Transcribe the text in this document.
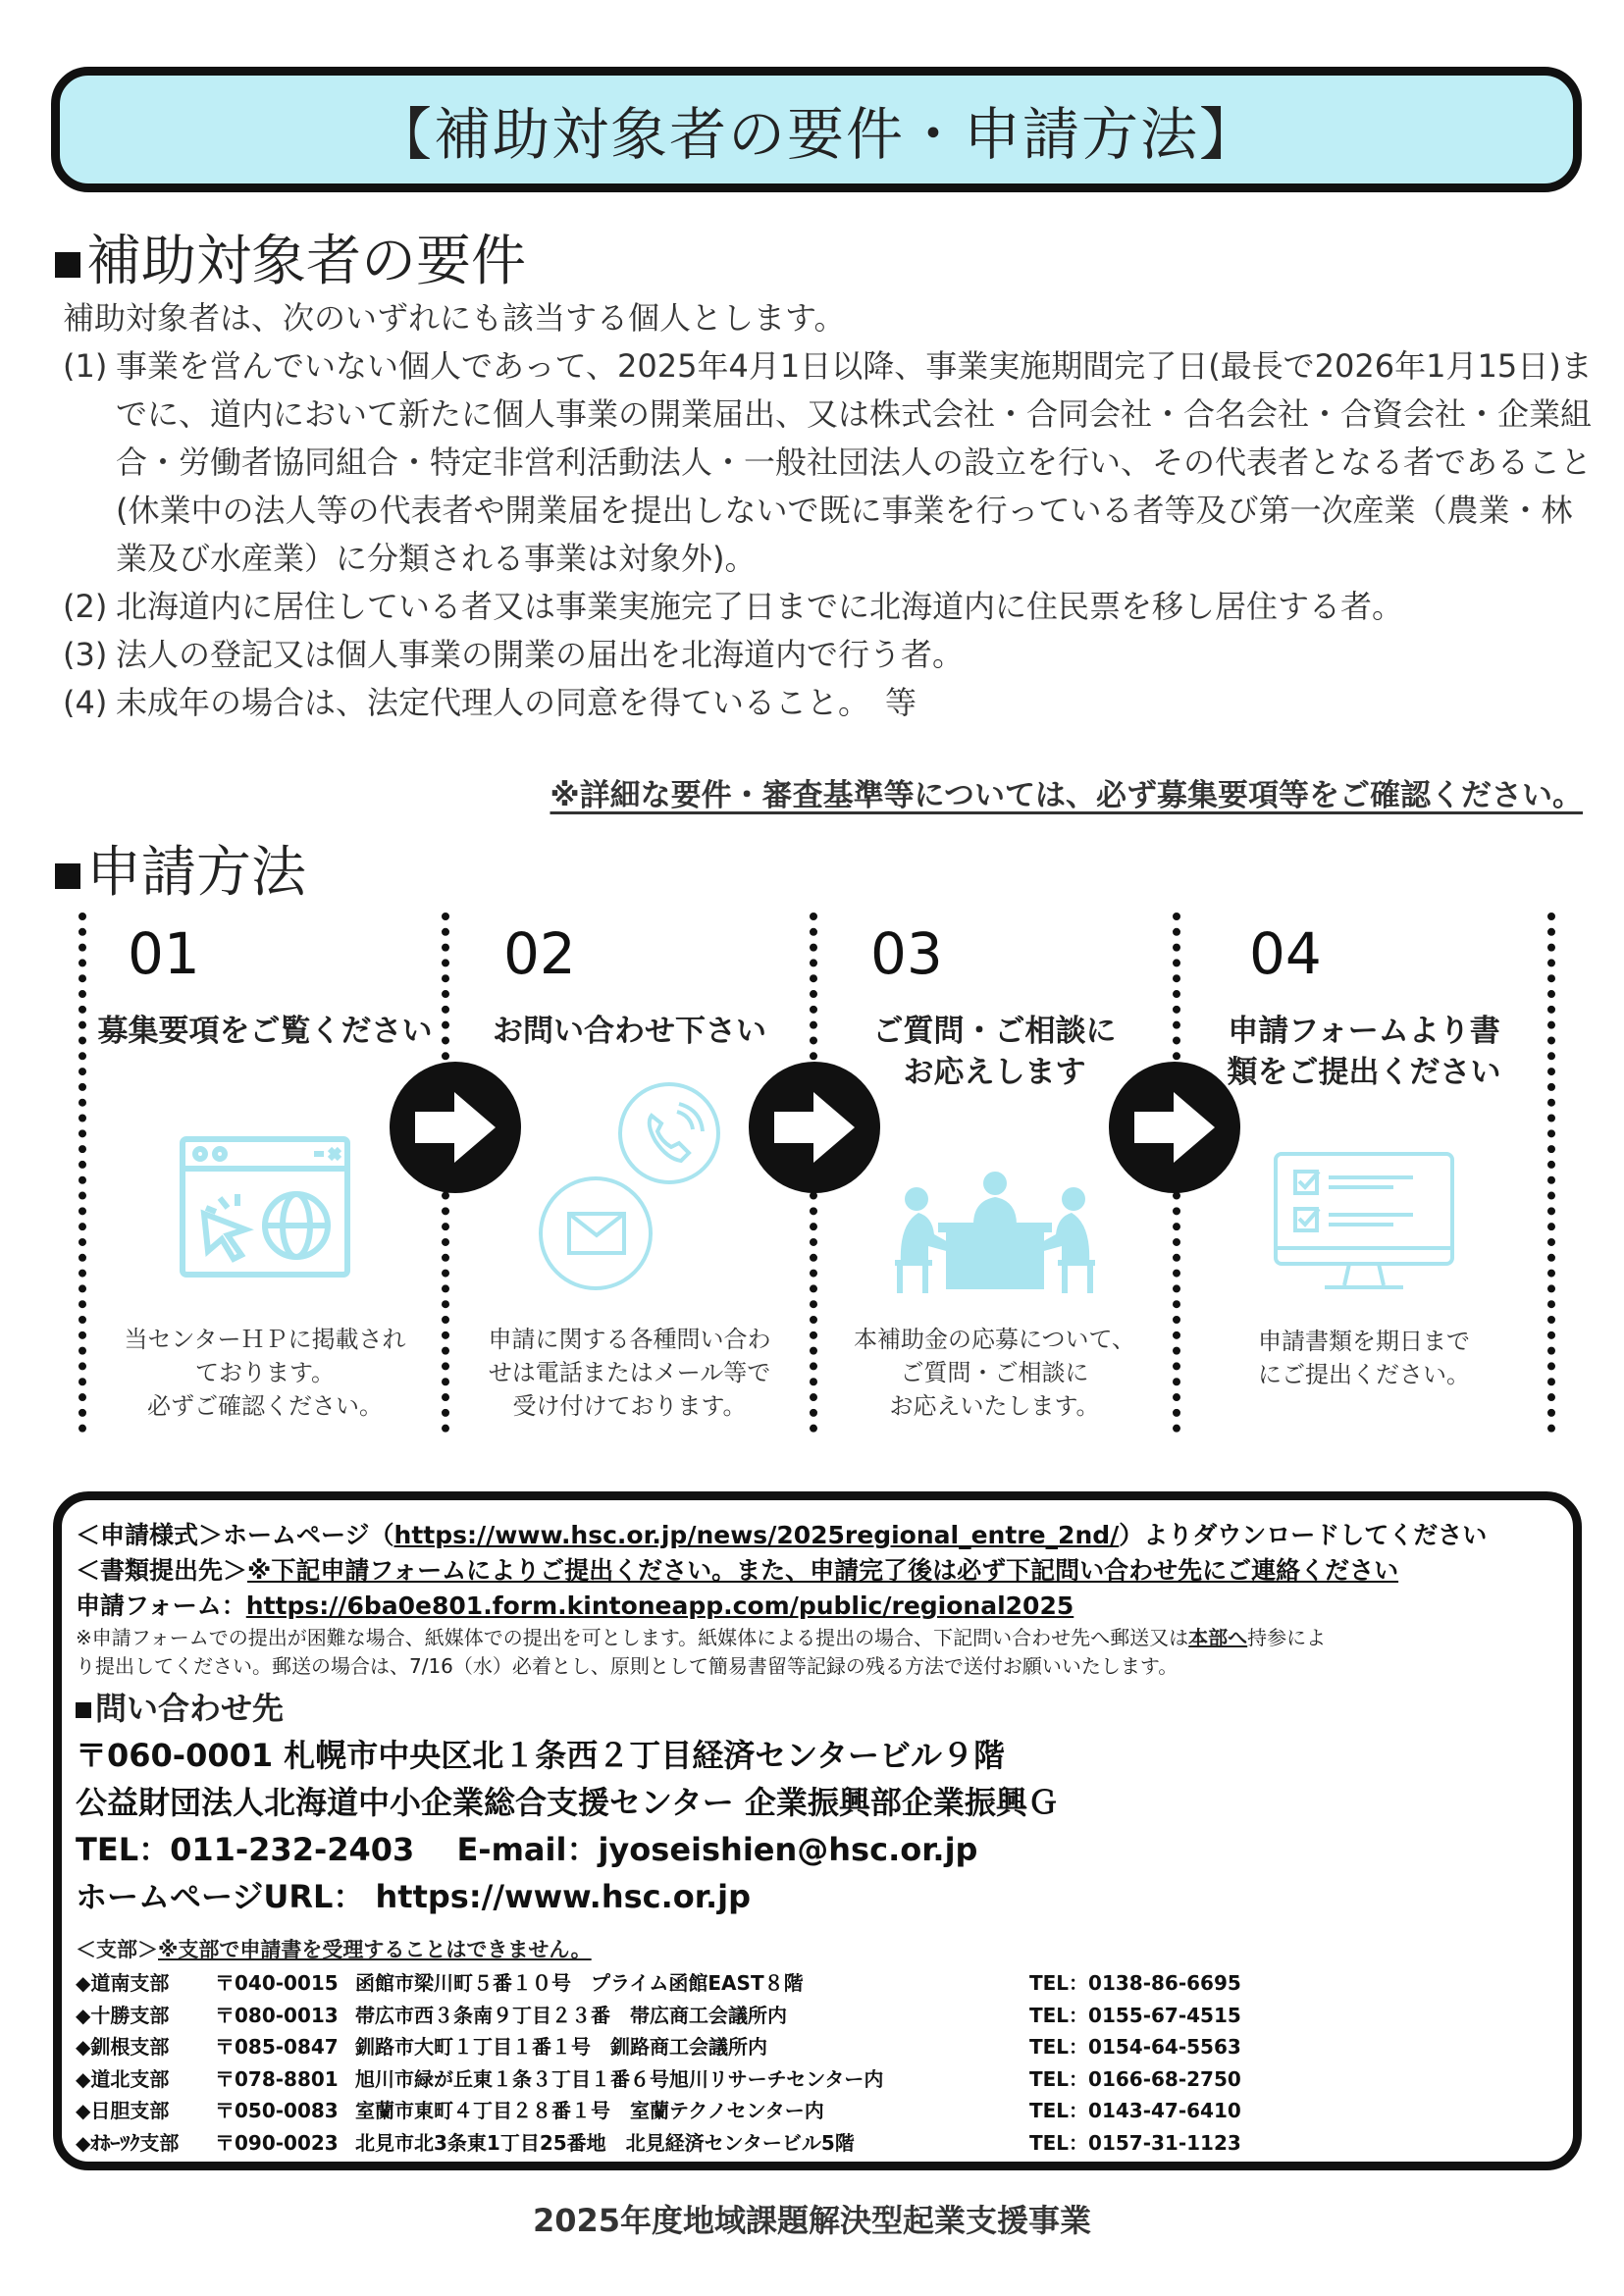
【補助対象者の要件・申請方法】
補助対象者の要件
補助対象者は、次のいずれにも該当する個人とします。
(1) 事業を営んでいない個人であって、2025年4月1日以降、事業実施期間完了日(最長で2026年1月15日)までに、道内において新たに個人事業の開業届出、又は株式会社・合同会社・合名会社・合資会社・企業組合・労働者協同組合・特定非営利活動法人・一般社団法人の設立を行い、その代表者となる者であること(休業中の法人等の代表者や開業届を提出しないで既に事業を行っている者等及び第一次産業（農業・林業及び水産業）に分類される事業は対象外)。
(2) 北海道内に居住している者又は事業実施完了日までに北海道内に住民票を移し居住する者。
(3) 法人の登記又は個人事業の開業の届出を北海道内で行う者。
(4) 未成年の場合は、法定代理人の同意を得ていること。　等
※詳細な要件・審査基準等については、必ず募集要項等をご確認ください。
申請方法
01
募集要項をご覧ください
当センターＨＰに掲載され
ております。
必ずご確認ください。
02
お問い合わせ下さい
申請に関する各種問い合わ
せは電話またはメール等で
受け付けております。
03
ご質問・ご相談に
お応えします
本補助金の応募について、
ご質問・ご相談に
お応えいたします。
04
申請フォームより書
類をご提出ください
申請書類を期日まで
にご提出ください。
＜申請様式＞ホームページ（https://www.hsc.or.jp/news/2025regional_entre_2nd/）よりダウンロードしてください
＜書類提出先＞※下記申請フォームによりご提出ください。また、申請完了後は必ず下記問い合わせ先にご連絡ください
申請フォーム：https://6ba0e801.form.kintoneapp.com/public/regional2025
※申請フォームでの提出が困難な場合、紙媒体での提出を可とします。紙媒体による提出の場合、下記問い合わせ先へ郵送又は本部へ持参によ
り提出してください。郵送の場合は、7/16（水）必着とし、原則として簡易書留等記録の残る方法で送付お願いいたします。
問い合わせ先
〒060-0001 札幌市中央区北１条西２丁目経済センタービル９階
公益財団法人北海道中小企業総合支援センター 企業振興部企業振興Ｇ
TEL：011-232-2403　 E-mail：jyoseishien@hsc.or.jp
ホームページURL： https://www.hsc.or.jp
＜支部＞※支部で申請書を受理することはできません。
◆道南支部	〒040-0015	函館市梁川町５番１０号　プライム函館EAST８階	TEL：0138-86-6695
◆十勝支部	〒080-0013	帯広市西３条南９丁目２３番　帯広商工会議所内	TEL：0155-67-4515
◆釧根支部	〒085-0847	釧路市大町１丁目１番１号　釧路商工会議所内	TEL：0154-64-5563
◆道北支部	〒078-8801	旭川市緑が丘東１条３丁目１番６号旭川リサーチセンター内	TEL：0166-68-2750
◆日胆支部	〒050-0083	室蘭市東町４丁目２８番１号　室蘭テクノセンター内	TEL：0143-47-6410
◆ｵﾎｰﾂｸ支部	〒090-0023	北見市北3条東1丁目25番地　北見経済センタービル5階	TEL：0157-31-1123
2025年度地域課題解決型起業支援事業
